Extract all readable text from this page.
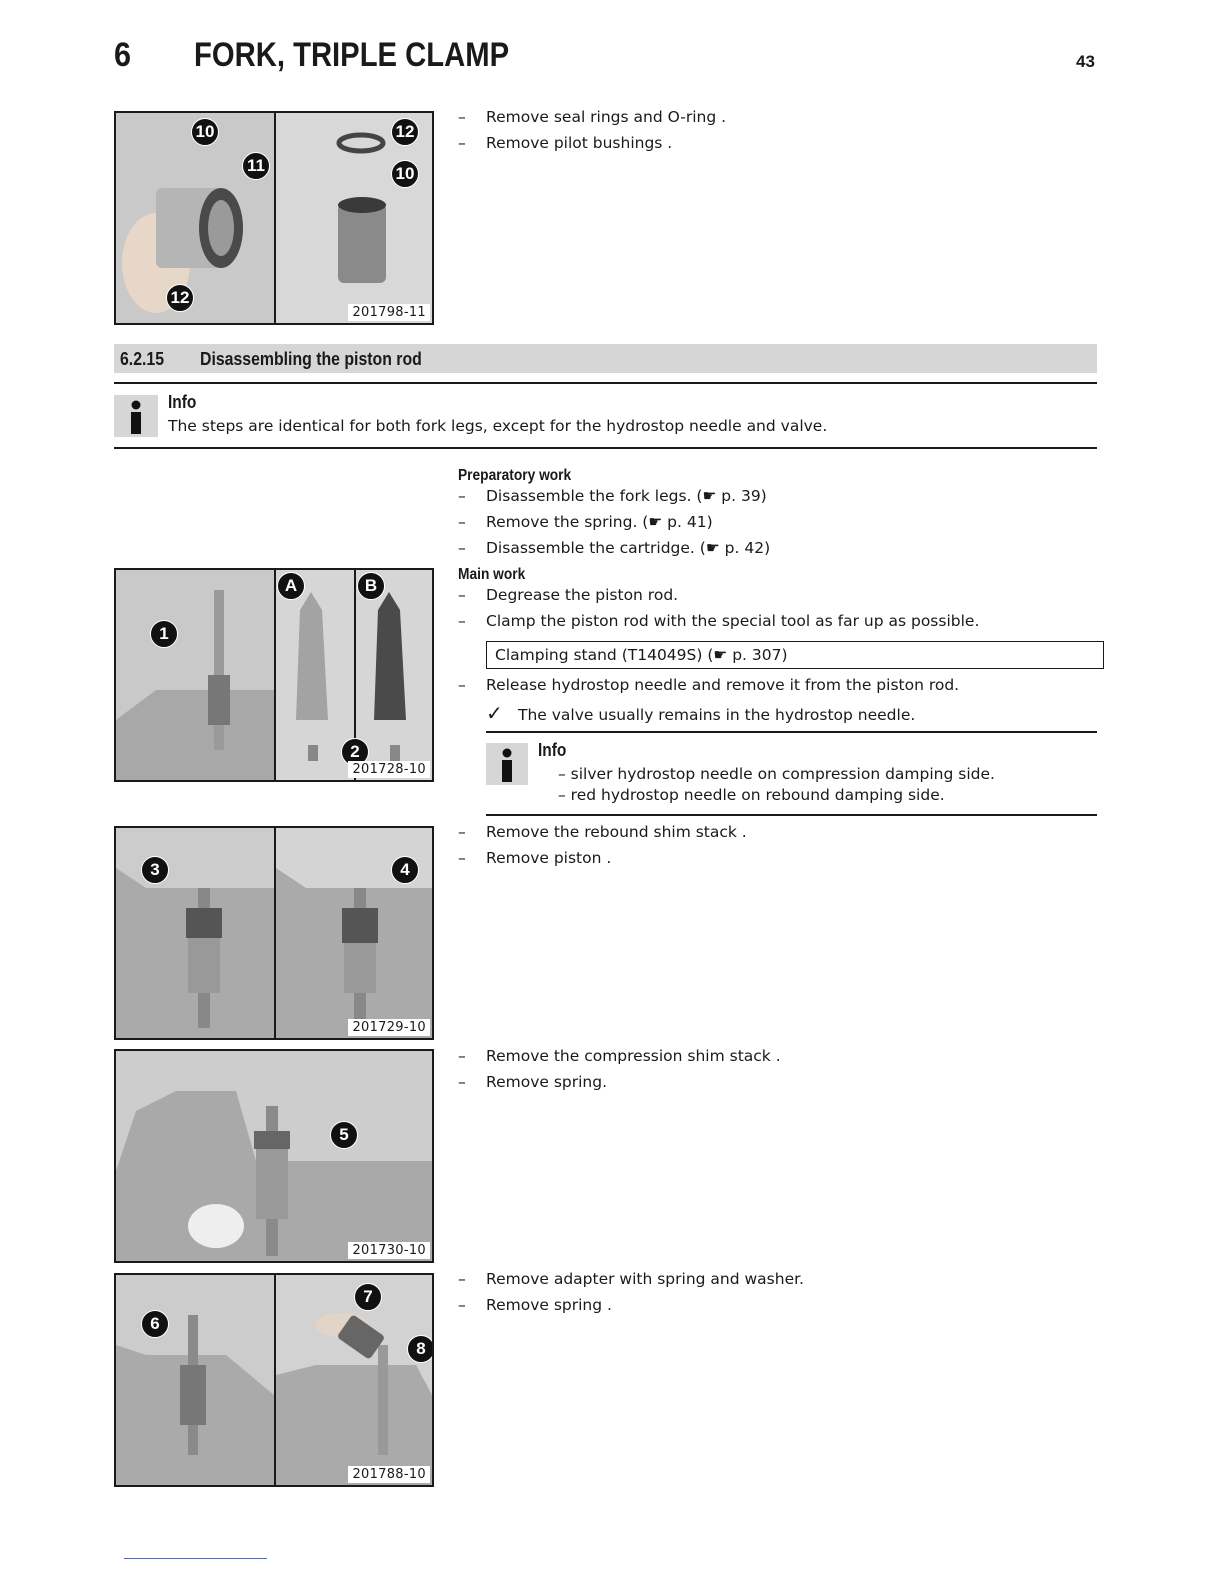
6 FORK, TRIPLE CLAMP	43
10
11
12
12
10
201798-11
– Remove seal rings and O-ring .
– Remove pilot bushings .
6.2.15 Disassembling the piston rod
Info
The steps are identical for both fork legs, except for the hydrostop needle and valve.
Preparatory work
– Disassemble the fork legs. (☛ p. 39)
– Remove the spring. (☛ p. 41)
– Disassemble the cartridge. (☛ p. 42)
Main work
– Degrease the piston rod.
– Clamp the piston rod with the special tool as far up as possible.
Clamping stand (T14049S) (☛ p. 307)
– Release hydrostop needle and remove it from the piston rod.
✓ The valve usually remains in the hydrostop needle.
Info
– silver hydrostop needle on compression damping side.
– red hydrostop needle on rebound damping side.
1
A	B
2
201728-10
3	4
201729-10
– Remove the rebound shim stack .
– Remove piston .
5
201730-10
– Remove the compression shim stack .
– Remove spring.
6
7
8
201788-10
– Remove adapter with spring and washer.
– Remove spring .
